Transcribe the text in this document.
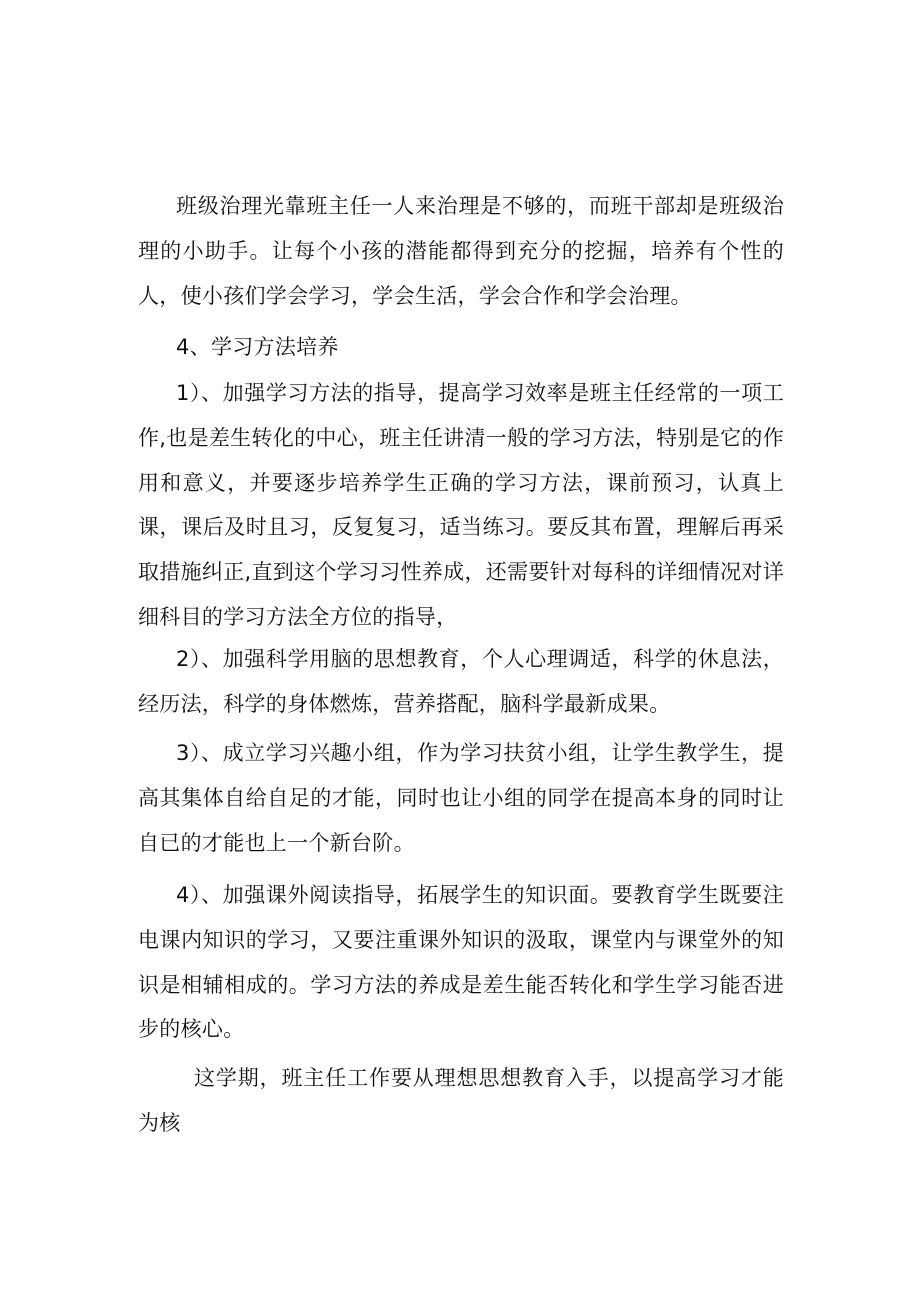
班级治理光靠班主任一人来治理是不够的，而班干部却是班级治理的小助手。让每个小孩的潜能都得到充分的挖掘，培养有个性的人，使小孩们学会学习，学会生活，学会合作和学会治理。

4、学习方法培养

1）、加强学习方法的指导，提高学习效率是班主任经常的一项工作,也是差生转化的中心，班主任讲清一般的学习方法，特别是它的作用和意义，并要逐步培养学生正确的学习方法，课前预习，认真上课，课后及时且习，反复复习，适当练习。要反其布置，理解后再采取措施纠正,直到这个学习习性养成，还需要针对每科的详细情况对详细科目的学习方法全方位的指导，

2）、加强科学用脑的思想教育，个人心理调适，科学的休息法，经历法，科学的身体燃炼，营养搭配，脑科学最新成果。

3）、成立学习兴趣小组，作为学习扶贫小组，让学生教学生，提高其集体自给自足的才能，同时也让小组的同学在提高本身的同时让自已的才能也上一个新台阶。

4）、加强课外阅读指导，拓展学生的知识面。要教育学生既要注电课内知识的学习，又要注重课外知识的汲取，课堂内与课堂外的知识是相辅相成的。学习方法的养成是差生能否转化和学生学习能否进步的核心。

这学期，班主任工作要从理想思想教育入手，以提高学习才能为核
